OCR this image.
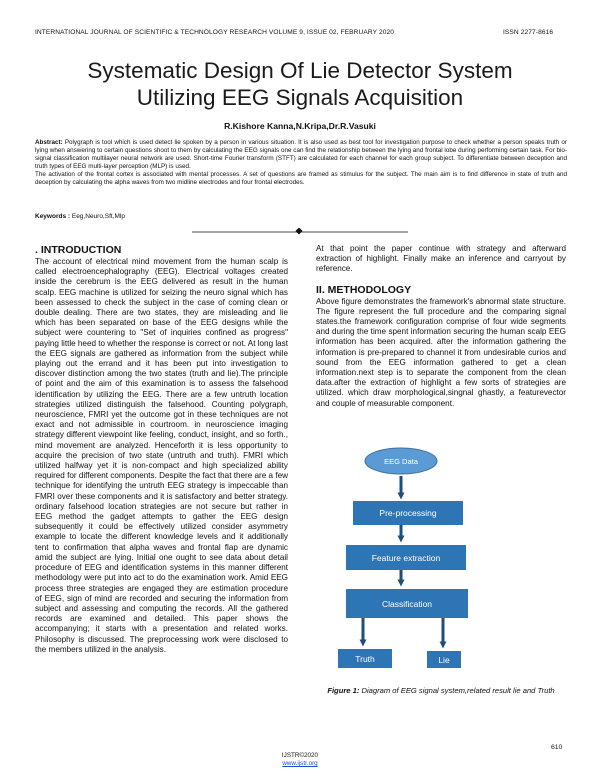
INTERNATIONAL JOURNAL OF SCIENTIFIC & TECHNOLOGY RESEARCH VOLUME 9, ISSUE 02, FEBRUARY 2020	ISSN 2277-8616
Systematic Design Of Lie Detector System
Utilizing EEG Signals Acquisition
R.Kishore Kanna,N.Kripa,Dr.R.Vasuki

Abstract: Polygraph is tool which is used detect lie spoken by a person in various situation. It is also used as best tool for investigation purpose to check whether a person speaks truth or lying when answering to certain questions shoot to them by calculating the EEG signals one can find the relationship between the lying and frontal lobe during performing certain task. For bio-signal classification multilayer neural network are used. Short-time Fourier transform (STFT) are calculated for each channel for each group subject. To differentiate between deception and truth types of EEG multi-layer perception (MLP) is used.

The activation of the frontal cortex is associated with mental processes. A set of questions are framed as stimulus for the subject. The main aim is to find difference in state of truth and deception by calculating the alpha waves from two midline electrodes and four frontal electrodes.

Keywords : Eeg,Neuro,Sft,Mlp
. INTRODUCTION

The account of electrical mind movement from the human scalp is called electroencephalography (EEG). Electrical voltages created inside the cerebrum is the EEG delivered as result in the human scalp. EEG machine is utilized for seizing the neuro signal which has been assessed to check the subject in the case of coming clean or double dealing. There are two states, they are misleading and lie which has been separated on base of the EEG designs while the subject were countering to "Set of inquiries confined as progress" paying little heed to whether the response is correct or not. At long last the EEG signals are gathered as information from the subject while playing out the errand and it has been put into investigation to discover distinction among the two states (truth and lie).The principle of point and the aim of this examination is to assess the falsehood identification by utilizing the EEG. There are a few untruth location strategies utilized distinguish the falsehood. Counting polygraph, neuroscience, FMRI yet the outcome got in these techniques are not exact and not admissible in courtroom. in neuroscience imaging strategy different viewpoint like feeling, conduct, insight, and so forth., mind movement are analyzed. Henceforth it is less opportunity to acquire the precision of two state (untruth and truth). FMRI which utilized halfway yet it is non-compact and high specialized ability required for different components. Despite the fact that there are a few technique for identifying the untruth EEG strategy is impeccable than FMRI over these components and it is satisfactory and better strategy. ordinary falsehood location strategies are not secure but rather in EEG method the gadget attempts to gather the EEG design subsequently it could be effectively utilized consider asymmetry example to locate the different knowledge levels and it additionally tent to confirmation that alpha waves and frontal flap are dynamic amid the subject are lying. Initial one ought to see data about detail procedure of EEG and identification systems in this manner different methodology were put into act to do the examination work. Amid EEG process three strategies are engaged they are estimation procedure of EEG, sign of mind are recorded and securing the information from subject and assessing and computing the records. All the gathered records are examined and detailed. This paper shows the accompanying; it starts with a presentation and related works. Philosophy is discussed. The preprocessing work were disclosed to the members utilized in the analysis.

At that point the paper continue with strategy and afterward extraction of highlight. Finally make an inference and carryout by reference.

II. METHODOLOGY

Above figure demonstrates the framework's abnormal state structure. The figure represent the full procedure and the comparing signal states.the framework configuration comprise of four wide segments and during the time spent information securing the human scalp EEG information has been acquired. after the information gathering the information is pre-prepared to channel it from undesirable curios and sound from the EEG information gathered to get a clean information.next step is to separate the component from the clean data.after the extraction of highlight a few sorts of strategies are utilized. which draw morphological,singnal ghastly, a featurevector and couple of measurable component.

EEG Data
Pre-processing
Feature extraction
Classification
Truth	Lie
Figure 1: Diagram of EEG signal system,related result lie and Truth
610
IJSTR©2020
www.ijstr.org
